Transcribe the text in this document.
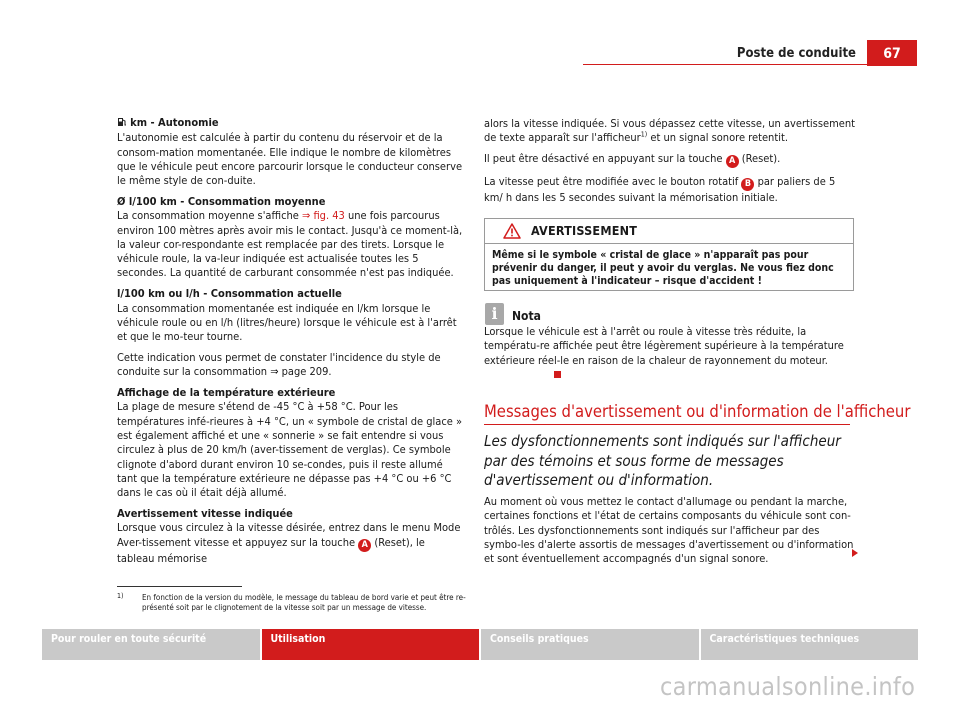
Poste de conduite	67

km - Autonomie

L'autonomie est calculée à partir du contenu du réservoir et de la consom-mation momentanée. Elle indique le nombre de kilomètres que le véhicule peut encore parcourir lorsque le conducteur conserve le même style de con-duite.

Ø l/100 km - Consommation moyenne

La consommation moyenne s'affiche ⇒ fig. 43 une fois parcourus environ 100 mètres après avoir mis le contact. Jusqu'à ce moment-là, la valeur cor-respondante est remplacée par des tirets. Lorsque le véhicule roule, la va-leur indiquée est actualisée toutes les 5 secondes. La quantité de carburant consommée n'est pas indiquée.

l/100 km ou l/h - Consommation actuelle

La consommation momentanée est indiquée en l/km lorsque le véhicule roule ou en l/h (litres/heure) lorsque le véhicule est à l'arrêt et que le mo-teur tourne.

Cette indication vous permet de constater l'incidence du style de conduite sur la consommation ⇒ page 209.

Affichage de la température extérieure

La plage de mesure s'étend de -45 °C à +58 °C. Pour les températures infé-rieures à +4 °C, un « symbole de cristal de glace » est également affiché et une « sonnerie » se fait entendre si vous circulez à plus de 20 km/h (aver-tissement de verglas). Ce symbole clignote d'abord durant environ 10 se-condes, puis il reste allumé tant que la température extérieure ne dépasse pas +4 °C ou +6 °C dans le cas où il était déjà allumé.

Avertissement vitesse indiquée

Lorsque vous circulez à la vitesse désirée, entrez dans le menu Mode Aver-tissement vitesse et appuyez sur la touche A (Reset), le tableau mémorise

alors la vitesse indiquée. Si vous dépassez cette vitesse, un avertissement de texte apparaît sur l'afficheur$^{1)}$ et un signal sonore retentit.

Il peut être désactivé en appuyant sur la touche A (Reset).

La vitesse peut être modifiée avec le bouton rotatif B par paliers de 5 km/ h dans les 5 secondes suivant la mémorisation initiale.

AVERTISSEMENT
Même si le symbole « cristal de glace » n'apparaît pas pour prévenir du danger, il peut y avoir du verglas. Ne vous fiez donc pas uniquement à l'indicateur – risque d'accident !
i	Nota
Lorsque le véhicule est à l'arrêt ou roule à vitesse très réduite, la températu-re affichée peut être légèrement supérieure à la température extérieure réel-le en raison de la chaleur de rayonnement du moteur.
Messages d'avertissement ou d'information de l'afficheur
Les dysfonctionnements sont indiqués sur l'afficheur par des témoins et sous forme de messages d'avertissement ou d'information.
Au moment où vous mettez le contact d'allumage ou pendant la marche, certaines fonctions et l'état de certains composants du véhicule sont con-trôlés. Les dysfonctionnements sont indiqués sur l'afficheur par des symbo-les d'alerte assortis de messages d'avertissement ou d'information et sont éventuellement accompagnés d'un signal sonore.
1) En fonction de la version du modèle, le message du tableau de bord varie et peut être re-présenté soit par le clignotement de la vitesse soit par un message de vitesse.
Pour rouler en toute sécurité	Utilisation	Conseils pratiques	Caractéristiques techniques
carmanualsonline.info
